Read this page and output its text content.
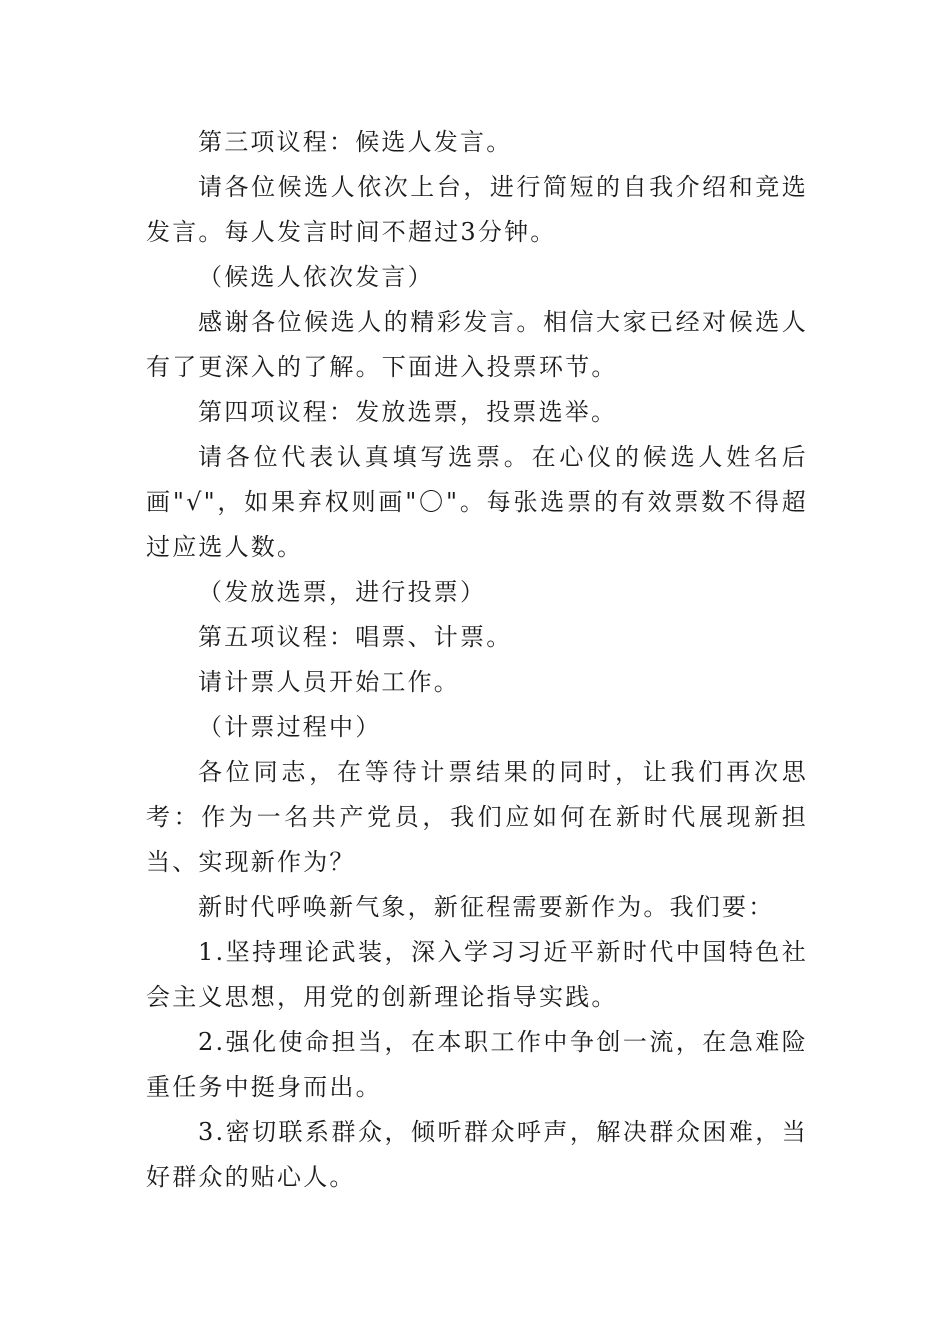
第三项议程：候选人发言。

请各位候选人依次上台，进行简短的自我介绍和竞选发言。每人发言时间不超过3分钟。

（候选人依次发言）

感谢各位候选人的精彩发言。相信大家已经对候选人有了更深入的了解。下面进入投票环节。

第四项议程：发放选票，投票选举。

请各位代表认真填写选票。在心仪的候选人姓名后画"√"，如果弃权则画"〇"。每张选票的有效票数不得超过应选人数。

（发放选票，进行投票）

第五项议程：唱票、计票。

请计票人员开始工作。

（计票过程中）

各位同志，在等待计票结果的同时，让我们再次思考：作为一名共产党员，我们应如何在新时代展现新担当、实现新作为？

新时代呼唤新气象，新征程需要新作为。我们要：

1.坚持理论武装，深入学习习近平新时代中国特色社会主义思想，用党的创新理论指导实践。

2.强化使命担当，在本职工作中争创一流，在急难险重任务中挺身而出。

3.密切联系群众，倾听群众呼声，解决群众困难，当好群众的贴心人。
